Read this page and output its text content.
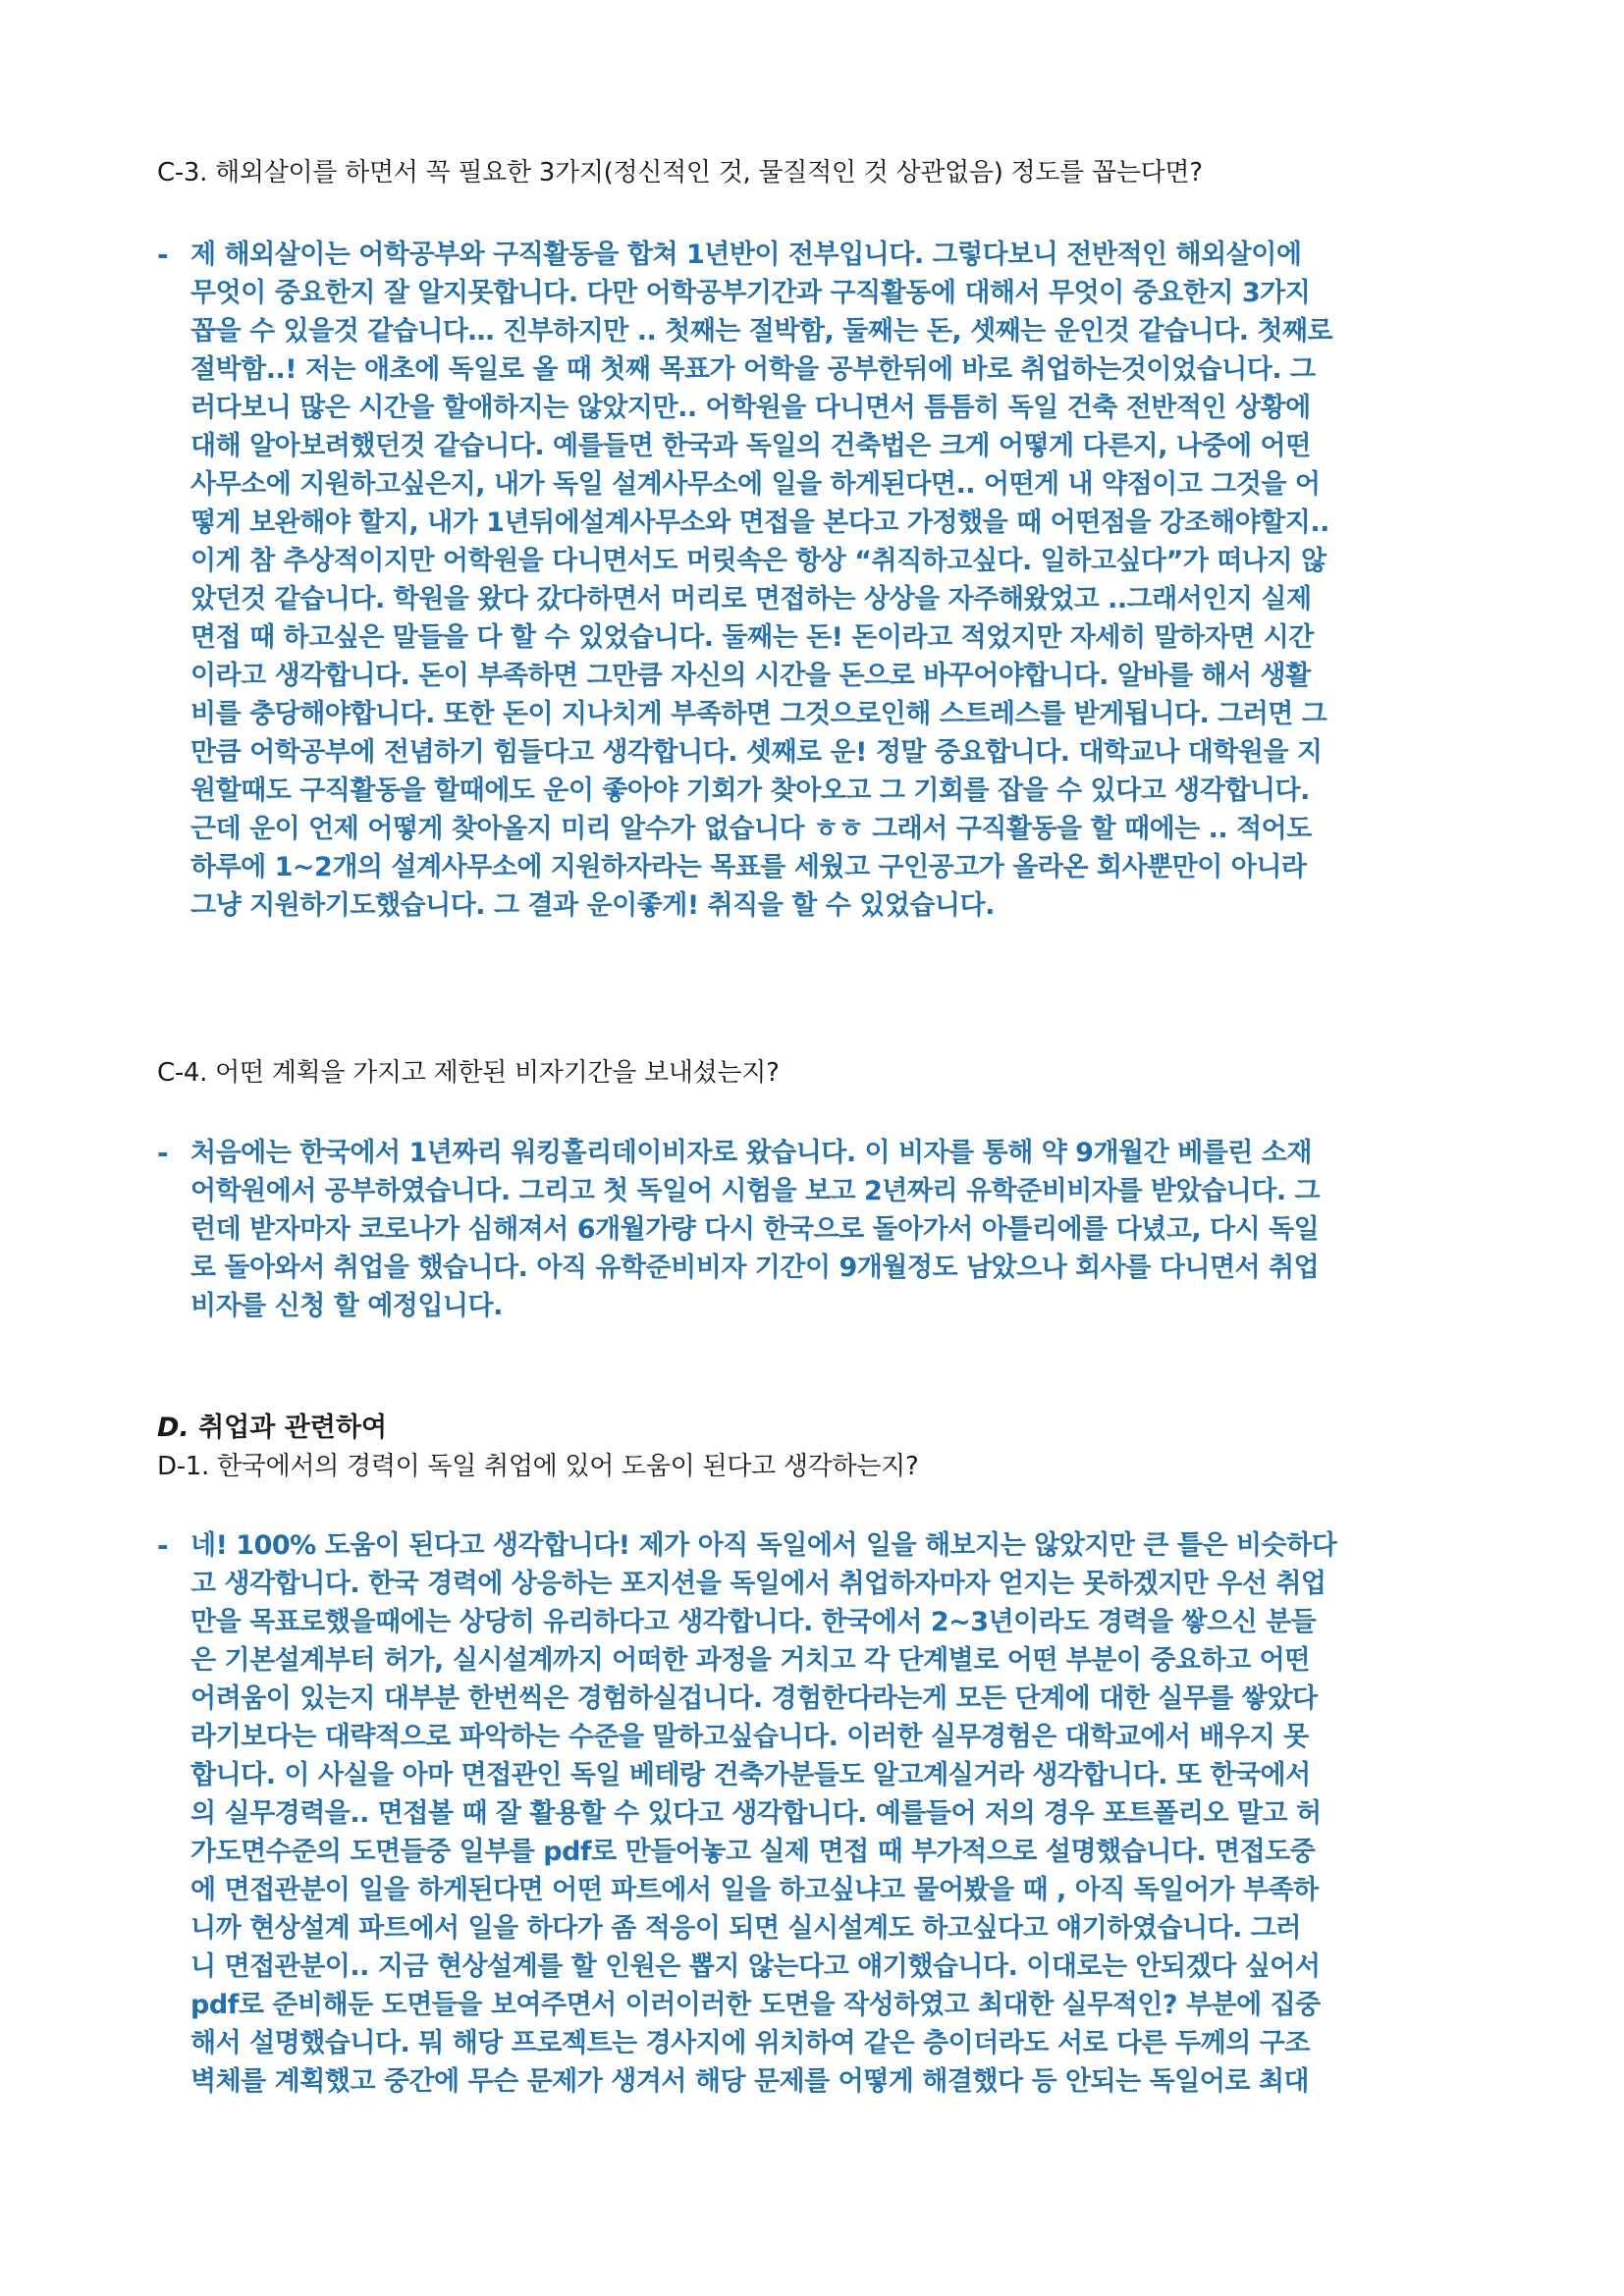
C-3. 해외살이를 하면서 꼭 필요한 3가지(정신적인 것, 물질적인 것 상관없음) 정도를 꼽는다면?
- 제 해외살이는 어학공부와 구직활동을 합쳐 1년반이 전부입니다. 그렇다보니 전반적인 해외살이에
무엇이 중요한지 잘 알지못합니다. 다만 어학공부기간과 구직활동에 대해서 무엇이 중요한지 3가지
꼽을 수 있을것 같습니다… 진부하지만 .. 첫째는 절박함, 둘째는 돈, 셋째는 운인것 같습니다. 첫째로
절박함..! 저는 애초에 독일로 올 때 첫째 목표가 어학을 공부한뒤에 바로 취업하는것이었습니다. 그
러다보니 많은 시간을 할애하지는 않았지만.. 어학원을 다니면서 틈틈히 독일 건축 전반적인 상황에
대해 알아보려했던것 같습니다. 예를들면 한국과 독일의 건축법은 크게 어떻게 다른지, 나중에 어떤
사무소에 지원하고싶은지, 내가 독일 설계사무소에 일을 하게된다면.. 어떤게 내 약점이고 그것을 어
떻게 보완해야 할지, 내가 1년뒤에설계사무소와 면접을 본다고 가정했을 때 어떤점을 강조해야할지..
이게 참 추상적이지만 어학원을 다니면서도 머릿속은 항상 “취직하고싶다. 일하고싶다”가 떠나지 않
았던것 같습니다. 학원을 왔다 갔다하면서 머리로 면접하는 상상을 자주해왔었고 ..그래서인지 실제
면접 때 하고싶은 말들을 다 할 수 있었습니다. 둘째는 돈! 돈이라고 적었지만 자세히 말하자면 시간
이라고 생각합니다. 돈이 부족하면 그만큼 자신의 시간을 돈으로 바꾸어야합니다. 알바를 해서 생활
비를 충당해야합니다. 또한 돈이 지나치게 부족하면 그것으로인해 스트레스를 받게됩니다. 그러면 그
만큼 어학공부에 전념하기 힘들다고 생각합니다. 셋째로 운! 정말 중요합니다. 대학교나 대학원을 지
원할때도 구직활동을 할때에도 운이 좋아야 기회가 찾아오고 그 기회를 잡을 수 있다고 생각합니다.
근데 운이 언제 어떻게 찾아올지 미리 알수가 없습니다 ㅎㅎ 그래서 구직활동을 할 때에는 .. 적어도
하루에 1~2개의 설계사무소에 지원하자라는 목표를 세웠고 구인공고가 올라온 회사뿐만이 아니라
그냥 지원하기도했습니다. 그 결과 운이좋게! 취직을 할 수 있었습니다.
C-4. 어떤 계획을 가지고 제한된 비자기간을 보내셨는지?
- 처음에는 한국에서 1년짜리 워킹홀리데이비자로 왔습니다. 이 비자를 통해 약 9개월간 베를린 소재
어학원에서 공부하였습니다. 그리고 첫 독일어 시험을 보고 2년짜리 유학준비비자를 받았습니다. 그
런데 받자마자 코로나가 심해져서 6개월가량 다시 한국으로 돌아가서 아틀리에를 다녔고, 다시 독일
로 돌아와서 취업을 했습니다. 아직 유학준비비자 기간이 9개월정도 남았으나 회사를 다니면서 취업
비자를 신청 할 예정입니다.
D. 취업과 관련하여
D-1. 한국에서의 경력이 독일 취업에 있어 도움이 된다고 생각하는지?
- 네! 100% 도움이 된다고 생각합니다! 제가 아직 독일에서 일을 해보지는 않았지만 큰 틀은 비슷하다
고 생각합니다. 한국 경력에 상응하는 포지션을 독일에서 취업하자마자 얻지는 못하겠지만 우선 취업
만을 목표로했을때에는 상당히 유리하다고 생각합니다. 한국에서 2~3년이라도 경력을 쌓으신 분들
은 기본설계부터 허가, 실시설계까지 어떠한 과정을 거치고 각 단계별로 어떤 부분이 중요하고 어떤
어려움이 있는지 대부분 한번씩은 경험하실겁니다. 경험한다라는게 모든 단계에 대한 실무를 쌓았다
라기보다는 대략적으로 파악하는 수준을 말하고싶습니다. 이러한 실무경험은 대학교에서 배우지 못
합니다. 이 사실을 아마 면접관인 독일 베테랑 건축가분들도 알고계실거라 생각합니다. 또 한국에서
의 실무경력을.. 면접볼 때 잘 활용할 수 있다고 생각합니다. 예를들어 저의 경우 포트폴리오 말고 허
가도면수준의 도면들중 일부를 pdf로 만들어놓고 실제 면접 때 부가적으로 설명했습니다. 면접도중
에 면접관분이 일을 하게된다면 어떤 파트에서 일을 하고싶냐고 물어봤을 때 , 아직 독일어가 부족하
니까 현상설계 파트에서 일을 하다가 좀 적응이 되면 실시설계도 하고싶다고 얘기하였습니다. 그러
니 면접관분이.. 지금 현상설계를 할 인원은 뽑지 않는다고 얘기했습니다. 이대로는 안되겠다 싶어서
pdf로 준비해둔 도면들을 보여주면서 이러이러한 도면을 작성하였고 최대한 실무적인? 부분에 집중
해서 설명했습니다. 뭐 해당 프로젝트는 경사지에 위치하여 같은 층이더라도 서로 다른 두께의 구조
벽체를 계획했고 중간에 무슨 문제가 생겨서 해당 문제를 어떻게 해결했다 등 안되는 독일어로 최대
